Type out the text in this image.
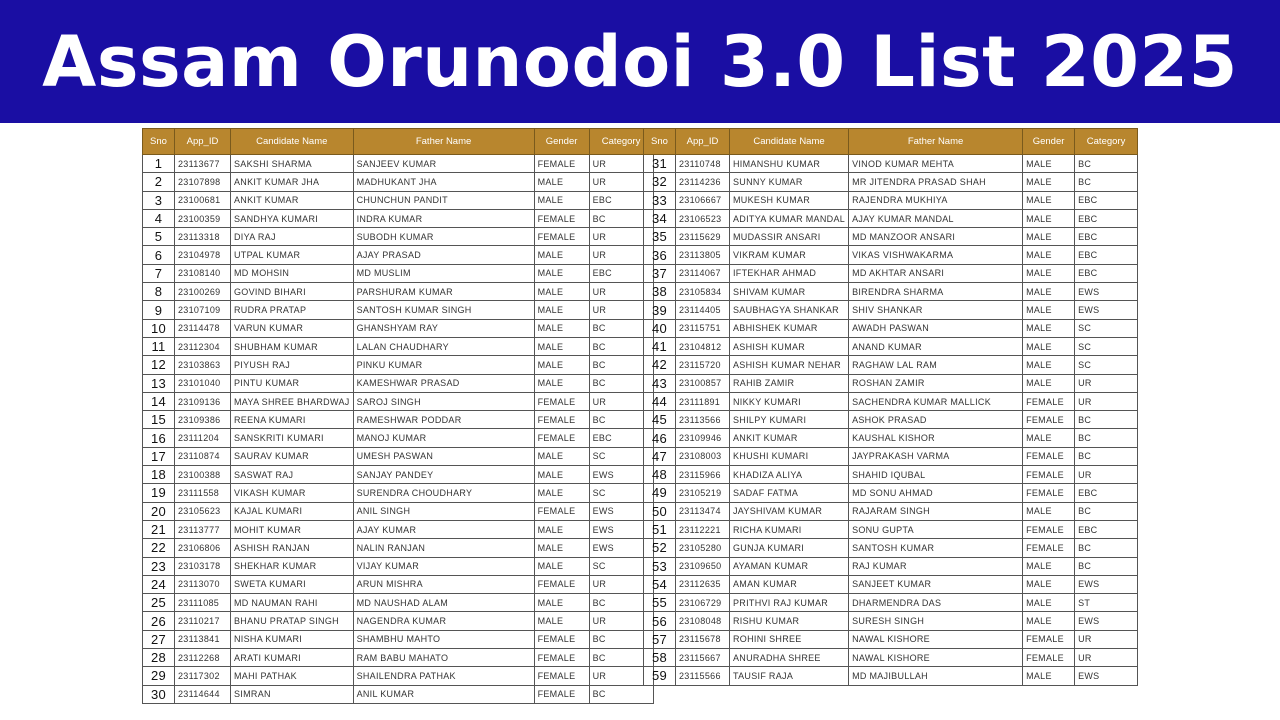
Assam Orunodoi 3.0 List 2025
Sno	App_ID	Candidate Name	Father Name	Gender	Category
1	23113677	SAKSHI SHARMA	SANJEEV KUMAR	FEMALE	UR
2	23107898	ANKIT KUMAR JHA	MADHUKANT JHA	MALE	UR
3	23100681	ANKIT KUMAR	CHUNCHUN PANDIT	MALE	EBC
4	23100359	SANDHYA KUMARI	INDRA KUMAR	FEMALE	BC
5	23113318	DIYA RAJ	SUBODH KUMAR	FEMALE	UR
6	23104978	UTPAL KUMAR	AJAY PRASAD	MALE	UR
7	23108140	MD MOHSIN	MD MUSLIM	MALE	EBC
8	23100269	GOVIND BIHARI	PARSHURAM KUMAR	MALE	UR
9	23107109	RUDRA PRATAP	SANTOSH KUMAR SINGH	MALE	UR
10	23114478	VARUN KUMAR	GHANSHYAM RAY	MALE	BC
11	23112304	SHUBHAM KUMAR	LALAN CHAUDHARY	MALE	BC
12	23103863	PIYUSH RAJ	PINKU KUMAR	MALE	BC
13	23101040	PINTU KUMAR	KAMESHWAR PRASAD	MALE	BC
14	23109136	MAYA SHREE BHARDWAJ	SAROJ SINGH	FEMALE	UR
15	23109386	REENA KUMARI	RAMESHWAR PODDAR	FEMALE	BC
16	23111204	SANSKRITI KUMARI	MANOJ KUMAR	FEMALE	EBC
17	23110874	SAURAV KUMAR	UMESH PASWAN	MALE	SC
18	23100388	SASWAT RAJ	SANJAY PANDEY	MALE	EWS
19	23111558	VIKASH KUMAR	SURENDRA CHOUDHARY	MALE	SC
20	23105623	KAJAL KUMARI	ANIL SINGH	FEMALE	EWS
21	23113777	MOHIT KUMAR	AJAY KUMAR	MALE	EWS
22	23106806	ASHISH RANJAN	NALIN RANJAN	MALE	EWS
23	23103178	SHEKHAR KUMAR	VIJAY KUMAR	MALE	SC
24	23113070	SWETA KUMARI	ARUN MISHRA	FEMALE	UR
25	23111085	MD NAUMAN RAHI	MD NAUSHAD ALAM	MALE	BC
26	23110217	BHANU PRATAP SINGH	NAGENDRA KUMAR	MALE	UR
27	23113841	NISHA KUMARI	SHAMBHU MAHTO	FEMALE	BC
28	23112268	ARATI KUMARI	RAM BABU MAHATO	FEMALE	BC
29	23117302	MAHI PATHAK	SHAILENDRA PATHAK	FEMALE	UR
30	23114644	SIMRAN	ANIL KUMAR	FEMALE	BC
Sno	App_ID	Candidate Name	Father Name	Gender	Category
31	23110748	HIMANSHU KUMAR	VINOD KUMAR MEHTA	MALE	BC
32	23114236	SUNNY KUMAR	MR JITENDRA PRASAD SHAH	MALE	BC
33	23106667	MUKESH KUMAR	RAJENDRA MUKHIYA	MALE	EBC
34	23106523	ADITYA KUMAR MANDAL	AJAY KUMAR MANDAL	MALE	EBC
35	23115629	MUDASSIR ANSARI	MD MANZOOR ANSARI	MALE	EBC
36	23113805	VIKRAM KUMAR	VIKAS VISHWAKARMA	MALE	EBC
37	23114067	IFTEKHAR AHMAD	MD AKHTAR ANSARI	MALE	EBC
38	23105834	SHIVAM KUMAR	BIRENDRA SHARMA	MALE	EWS
39	23114405	SAUBHAGYA SHANKAR	SHIV SHANKAR	MALE	EWS
40	23115751	ABHISHEK KUMAR	AWADH PASWAN	MALE	SC
41	23104812	ASHISH KUMAR	ANAND KUMAR	MALE	SC
42	23115720	ASHISH KUMAR NEHAR	RAGHAW LAL RAM	MALE	SC
43	23100857	RAHIB ZAMIR	ROSHAN ZAMIR	MALE	UR
44	23111891	NIKKY KUMARI	SACHENDRA KUMAR MALLICK	FEMALE	UR
45	23113566	SHILPY KUMARI	ASHOK PRASAD	FEMALE	BC
46	23109946	ANKIT KUMAR	KAUSHAL KISHOR	MALE	BC
47	23108003	KHUSHI KUMARI	JAYPRAKASH VARMA	FEMALE	BC
48	23115966	KHADIZA ALIYA	SHAHID IQUBAL	FEMALE	UR
49	23105219	SADAF FATMA	MD SONU AHMAD	FEMALE	EBC
50	23113474	JAYSHIVAM KUMAR	RAJARAM SINGH	MALE	BC
51	23112221	RICHA KUMARI	SONU GUPTA	FEMALE	EBC
52	23105280	GUNJA KUMARI	SANTOSH KUMAR	FEMALE	BC
53	23109650	AYAMAN KUMAR	RAJ KUMAR	MALE	BC
54	23112635	AMAN KUMAR	SANJEET KUMAR	MALE	EWS
55	23106729	PRITHVI RAJ KUMAR	DHARMENDRA DAS	MALE	ST
56	23108048	RISHU KUMAR	SURESH SINGH	MALE	EWS
57	23115678	ROHINI SHREE	NAWAL KISHORE	FEMALE	UR
58	23115667	ANURADHA SHREE	NAWAL KISHORE	FEMALE	UR
59	23115566	TAUSIF RAJA	MD MAJIBULLAH	MALE	EWS
